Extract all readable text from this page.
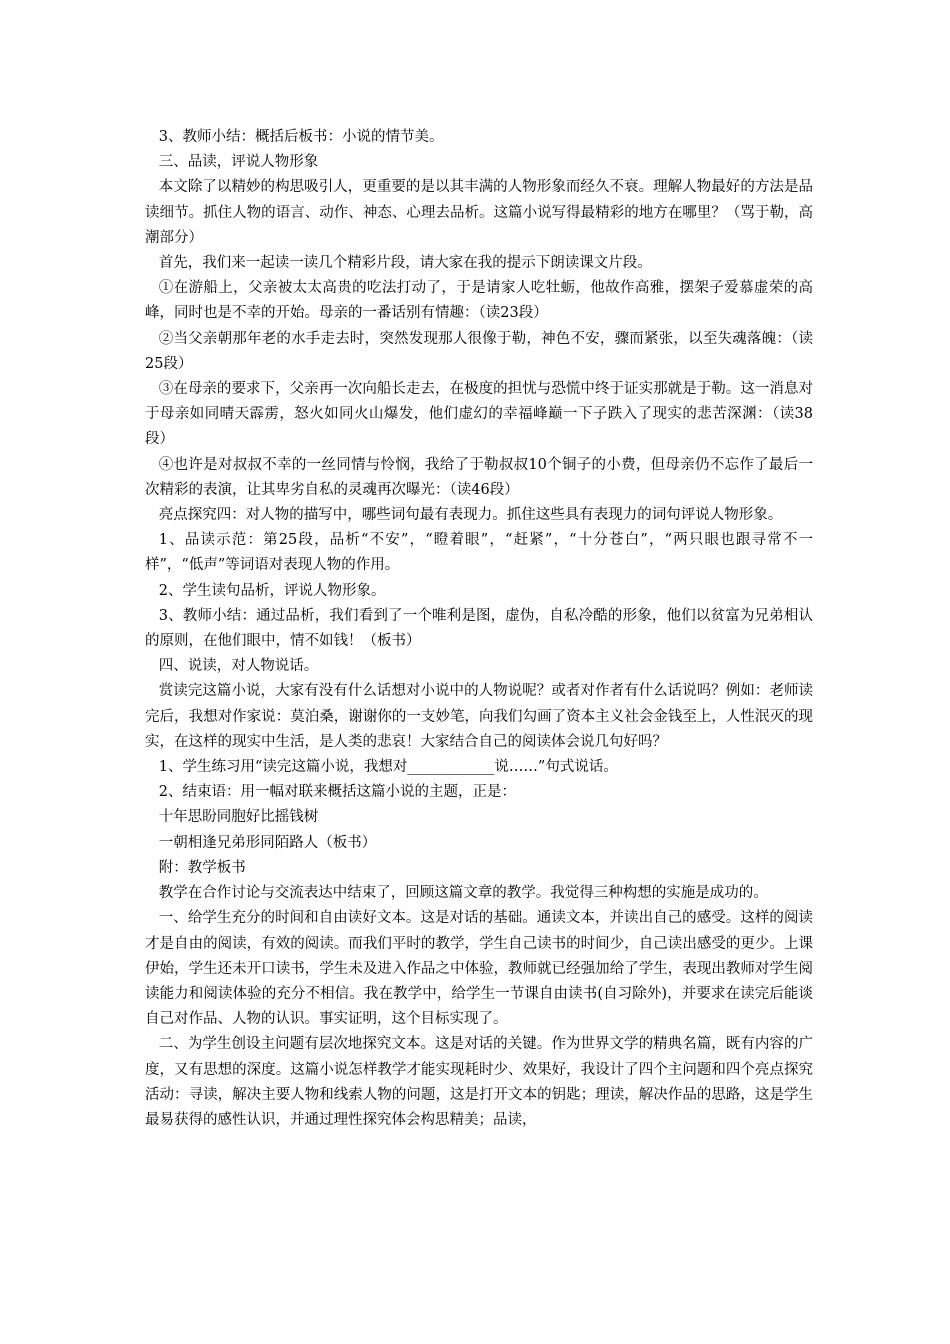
3、教师小结：概括后板书：小说的情节美。

三、品读，评说人物形象

本文除了以精妙的构思吸引人，更重要的是以其丰满的人物形象而经久不衰。理解人物最好的方法是品读细节。抓住人物的语言、动作、神态、心理去品析。这篇小说写得最精彩的地方在哪里？（骂于勒，高潮部分）

首先，我们来一起读一读几个精彩片段，请大家在我的提示下朗读课文片段。

①在游船上，父亲被太太高贵的吃法打动了，于是请家人吃牡蛎，他故作高雅，摆架子爱慕虚荣的高峰，同时也是不幸的开始。母亲的一番话别有情趣：（读23段）

②当父亲朝那年老的水手走去时，突然发现那人很像于勒，神色不安，骤而紧张，以至失魂落魄：（读25段）

③在母亲的要求下，父亲再一次向船长走去，在极度的担忧与恐慌中终于证实那就是于勒。这一消息对于母亲如同晴天霹雳，怒火如同火山爆发，他们虚幻的幸福峰巅一下子跌入了现实的悲苦深渊：（读38段）

④也许是对叔叔不幸的一丝同情与怜悯，我给了于勒叔叔10个铜子的小费，但母亲仍不忘作了最后一次精彩的表演，让其卑劣自私的灵魂再次曝光：（读46段）

亮点探究四：对人物的描写中，哪些词句最有表现力。抓住这些具有表现力的词句评说人物形象。

1、品读示范：第25段，品析“不安”，“瞪着眼”，“赶紧”，“十分苍白”，“两只眼也跟寻常不一样”，“低声”等词语对表现人物的作用。

2、学生读句品析，评说人物形象。

3、教师小结：通过品析，我们看到了一个唯利是图，虚伪，自私冷酷的形象，他们以贫富为兄弟相认的原则，在他们眼中，情不如钱！（板书）

四、说读，对人物说话。

赏读完这篇小说，大家有没有什么话想对小说中的人物说呢？或者对作者有什么话说吗？例如：老师读完后，我想对作家说：莫泊桑，谢谢你的一支妙笔，向我们勾画了资本主义社会金钱至上，人性泯灭的现实，在这样的现实中生活，是人类的悲哀！大家结合自己的阅读体会说几句好吗？

1、学生练习用“读完这篇小说，我想对____________说……”句式说话。

2、结束语：用一幅对联来概括这篇小说的主题，正是：

十年思盼同胞好比摇钱树

一朝相逢兄弟形同陌路人（板书）

附：教学板书

教学在合作讨论与交流表达中结束了，回顾这篇文章的教学。我觉得三种构想的实施是成功的。

一、给学生充分的时间和自由读好文本。这是对话的基础。通读文本，并读出自己的感受。这样的阅读才是自由的阅读，有效的阅读。而我们平时的教学，学生自己读书的时间少，自己读出感受的更少。上课伊始，学生还未开口读书，学生未及进入作品之中体验，教师就已经强加给了学生，表现出教师对学生阅读能力和阅读体验的充分不相信。我在教学中，给学生一节课自由读书(自习除外)，并要求在读完后能谈自己对作品、人物的认识。事实证明，这个目标实现了。

二、为学生创设主问题有层次地探究文本。这是对话的关键。作为世界文学的精典名篇，既有内容的广度，又有思想的深度。这篇小说怎样教学才能实现耗时少、效果好，我设计了四个主问题和四个亮点探究活动：寻读，解决主要人物和线索人物的问题，这是打开文本的钥匙；理读，解决作品的思路，这是学生最易获得的感性认识，并通过理性探究体会构思精美；品读，
